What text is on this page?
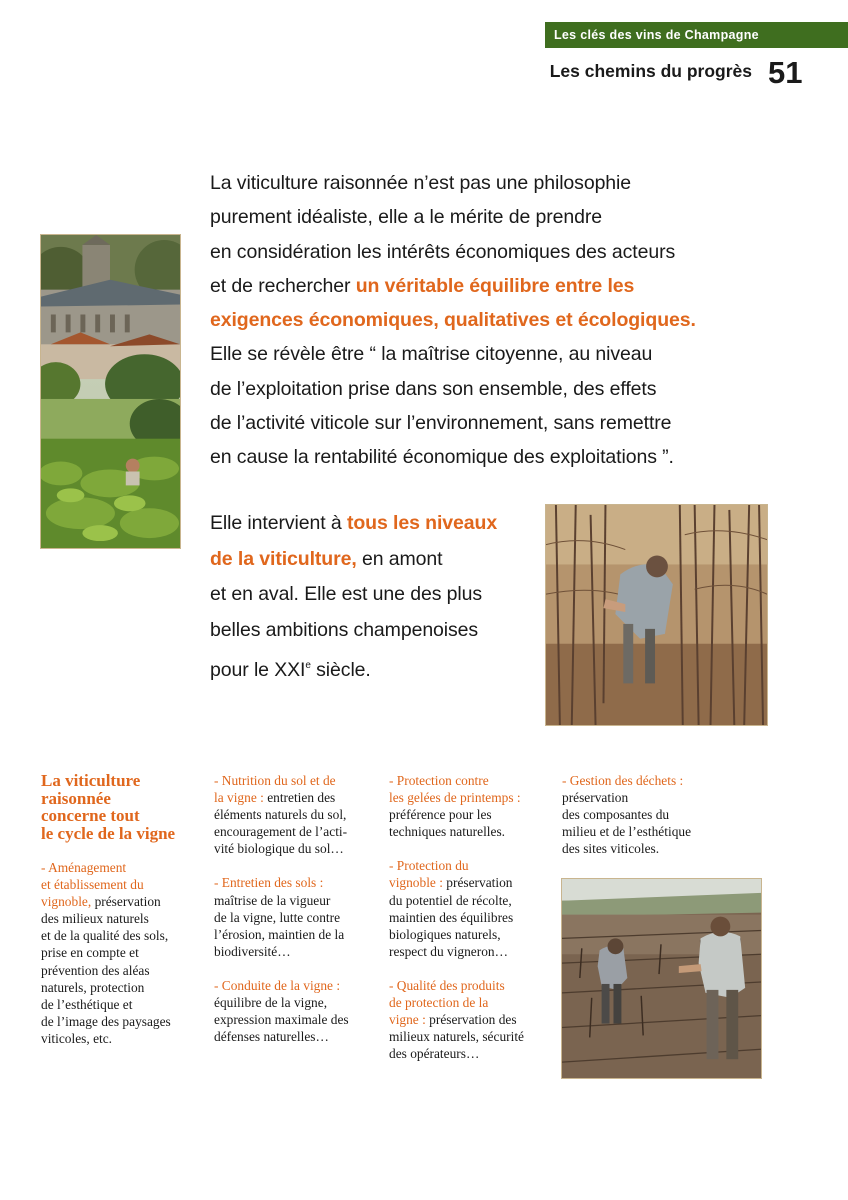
Les clés des vins de Champagne
Les chemins du progrès 51
La viticulture raisonnée n’est pas une philosophie
purement idéaliste, elle a le mérite de prendre
en considération les intérêts économiques des acteurs
et de rechercher un véritable équilibre entre les
exigences économiques, qualitatives et écologiques.
Elle se révèle être “ la maîtrise citoyenne, au niveau
de l’exploitation prise dans son ensemble, des effets
de l’activité viticole sur l’environnement, sans remettre
en cause la rentabilité économique des exploitations ”.
Elle intervient à tous les niveaux
de la viticulture, en amont
et en aval. Elle est une des plus
belles ambitions champenoises
pour le XXIe siècle.
La viticulture
raisonnée
concerne tout
le cycle de la vigne
- Aménagement
et établissement du
vignoble, préservation
des milieux naturels
et de la qualité des sols,
prise en compte et
prévention des aléas
naturels, protection
de l’esthétique et
de l’image des paysages
viticoles, etc.
- Nutrition du sol et de
la vigne : entretien des
éléments naturels du sol,
encouragement de l’acti-
vité biologique du sol…
- Entretien des sols :
maîtrise de la vigueur
de la vigne, lutte contre
l’érosion, maintien de la
biodiversité…
- Conduite de la vigne :
équilibre de la vigne,
expression maximale des
défenses naturelles…
- Protection contre
les gelées de printemps :
préférence pour les
techniques naturelles.
- Protection du
vignoble : préservation
du potentiel de récolte,
maintien des équilibres
biologiques naturels,
respect du vigneron…
- Qualité des produits
de protection de la
vigne : préservation des
milieux naturels, sécurité
des opérateurs…
- Gestion des déchets :
préservation
des composantes du
milieu et de l’esthétique
des sites viticoles.
